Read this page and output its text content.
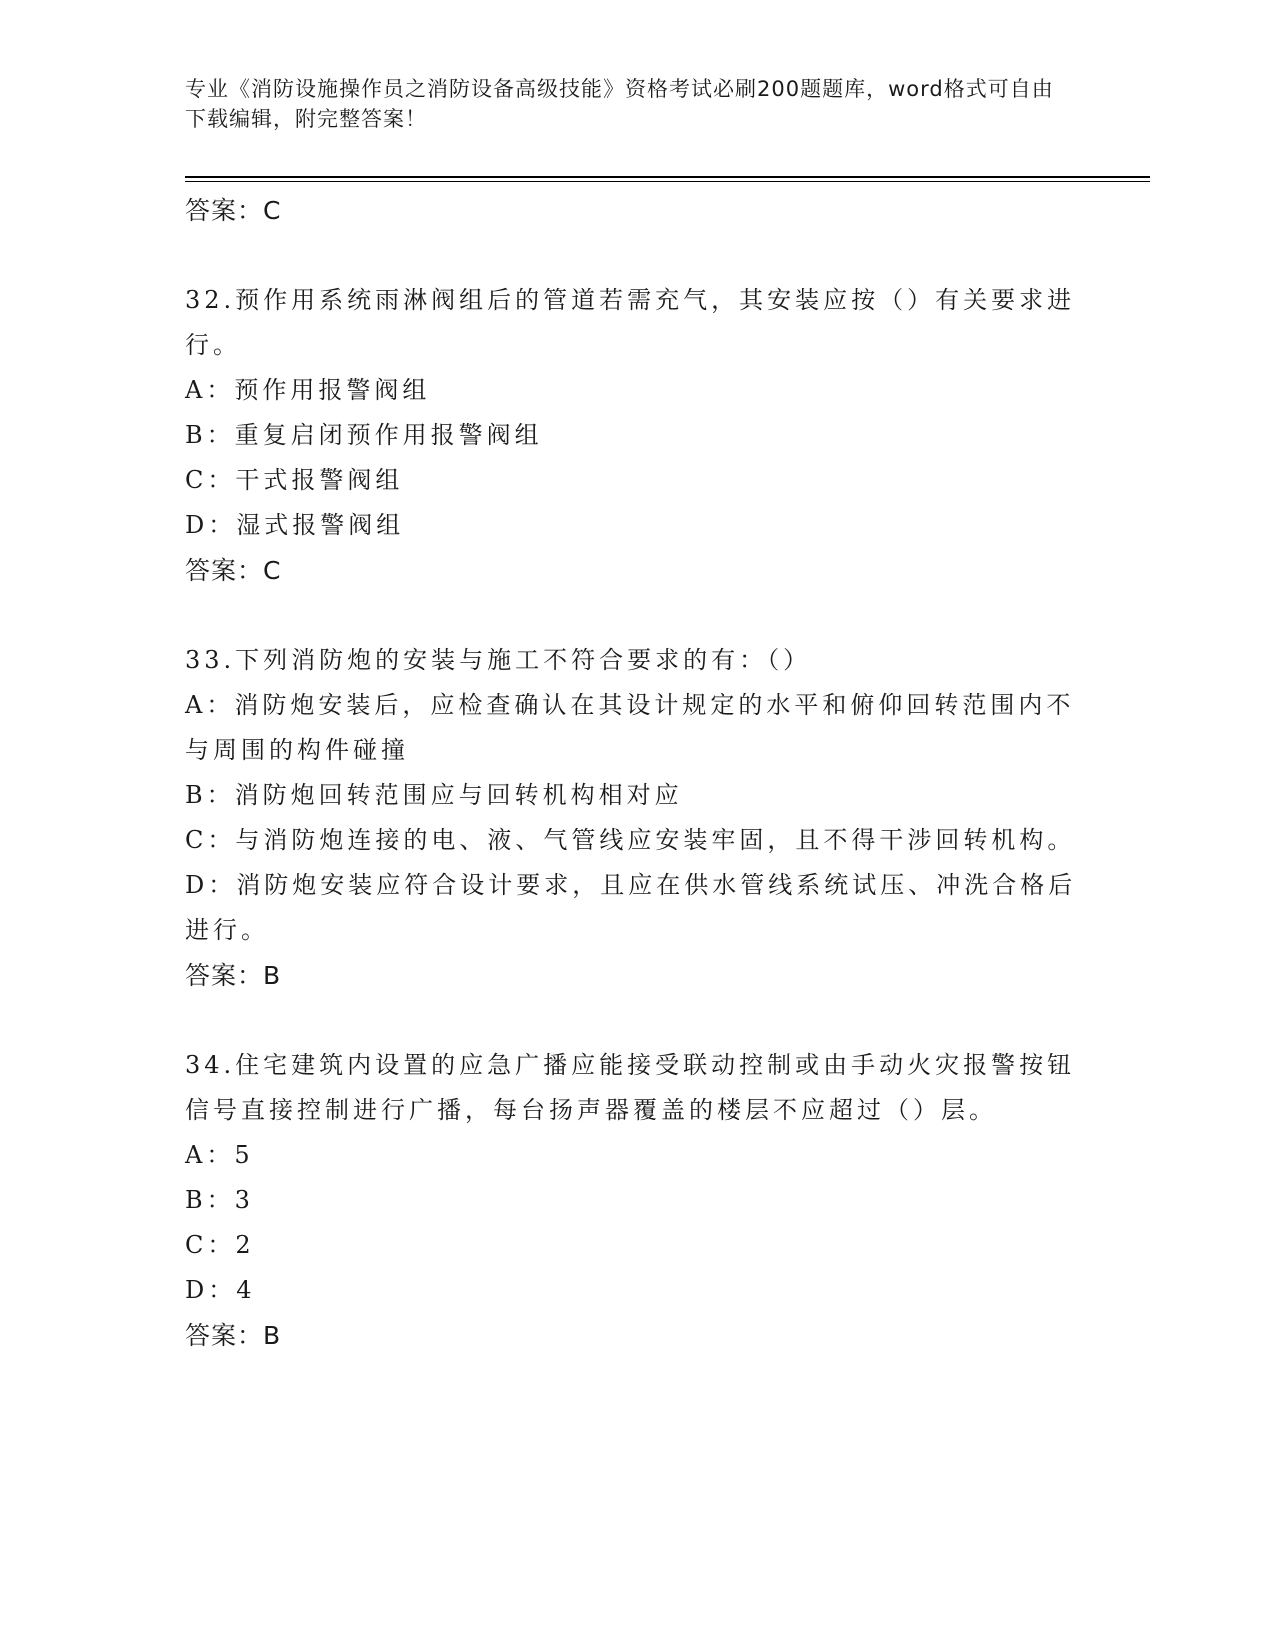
专业《消防设施操作员之消防设备高级技能》资格考试必刷200题题库，word格式可自由下载编辑，附完整答案！
答案：C
32.预作用系统雨淋阀组后的管道若需充气，其安装应按（）有关要求进行。
A：预作用报警阀组
B：重复启闭预作用报警阀组
C：干式报警阀组
D：湿式报警阀组
答案：C
33.下列消防炮的安装与施工不符合要求的有：（）
A：消防炮安装后，应检查确认在其设计规定的水平和俯仰回转范围内不与周围的构件碰撞
B：消防炮回转范围应与回转机构相对应
C：与消防炮连接的电、液、气管线应安装牢固，且不得干涉回转机构。
D：消防炮安装应符合设计要求，且应在供水管线系统试压、冲洗合格后进行。
答案：B
34.住宅建筑内设置的应急广播应能接受联动控制或由手动火灾报警按钮信号直接控制进行广播，每台扬声器覆盖的楼层不应超过（）层。
A：5
B：3
C：2
D：4
答案：B
